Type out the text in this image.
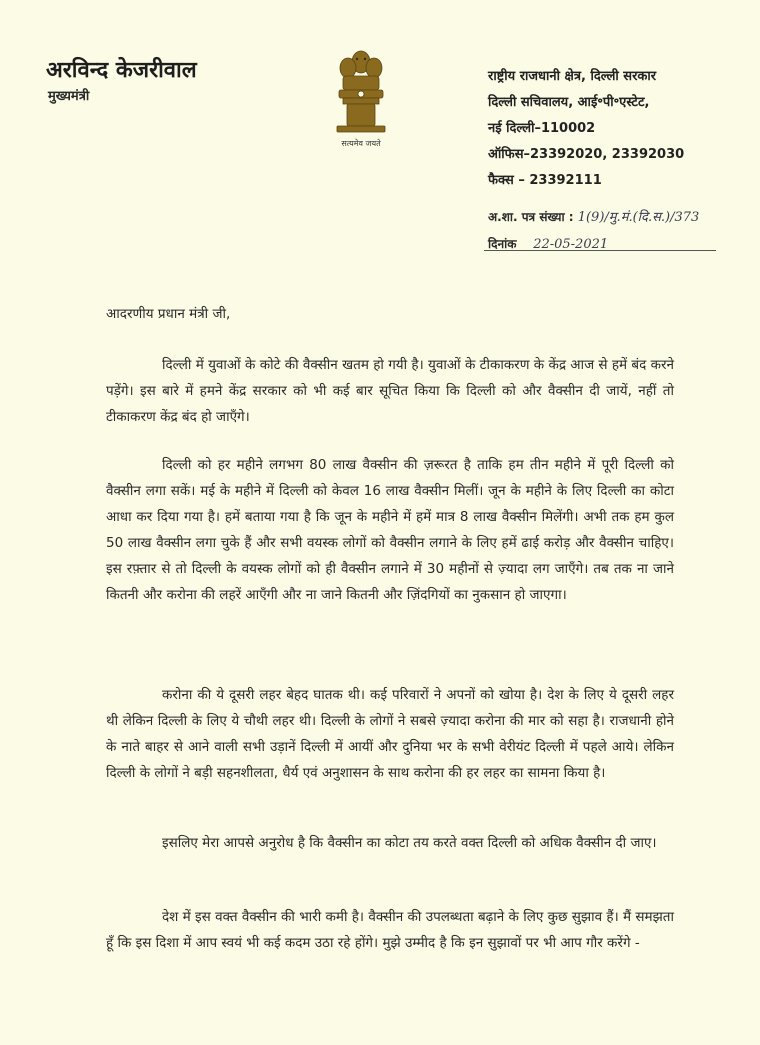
अरविन्द केजरीवाल
मुख्यमंत्री
सत्यमेव जयते
राष्ट्रीय राजधानी क्षेत्र, दिल्ली सरकार
दिल्ली सचिवालय, आई॰पी॰एस्टेट,
नई दिल्ली–110002
ऑफिस–23392020, 23392030
फैक्स – 23392111
अ.शा. पत्र संख्या : 1(9)/मु.मं.(दि.स.)/373
दिनांक 22-05-2021

आदरणीय प्रधान मंत्री जी,

दिल्ली में युवाओं के कोटे की वैक्सीन खतम हो गयी है। युवाओं के टीकाकरण के केंद्र आज से हमें बंद करने पड़ेंगे। इस बारे में हमने केंद्र सरकार को भी कई बार सूचित किया कि दिल्ली को और वैक्सीन दी जायें, नहीं तो टीकाकरण केंद्र बंद हो जाएँगे।

दिल्ली को हर महीने लगभग 80 लाख वैक्सीन की ज़रूरत है ताकि हम तीन महीने में पूरी दिल्ली को वैक्सीन लगा सकें। मई के महीने में दिल्ली को केवल 16 लाख वैक्सीन मिलीं। जून के महीने के लिए दिल्ली का कोटा आधा कर दिया गया है। हमें बताया गया है कि जून के महीने में हमें मात्र 8 लाख वैक्सीन मिलेंगी। अभी तक हम कुल 50 लाख वैक्सीन लगा चुके हैं और सभी वयस्क लोगों को वैक्सीन लगाने के लिए हमें ढाई करोड़ और वैक्सीन चाहिए। इस रफ़्तार से तो दिल्ली के वयस्क लोगों को ही वैक्सीन लगाने में 30 महीनों से ज़्यादा लग जाएँगे। तब तक ना जाने कितनी और करोना की लहरें आएँगी और ना जाने कितनी और ज़िंदगियों का नुकसान हो जाएगा।

करोना की ये दूसरी लहर बेहद घातक थी। कई परिवारों ने अपनों को खोया है। देश के लिए ये दूसरी लहर थी लेकिन दिल्ली के लिए ये चौथी लहर थी। दिल्ली के लोगों ने सबसे ज़्यादा करोना की मार को सहा है। राजधानी होने के नाते बाहर से आने वाली सभी उड़ानें दिल्ली में आयीं और दुनिया भर के सभी वेरीयंट दिल्ली में पहले आये। लेकिन दिल्ली के लोगों ने बड़ी सहनशीलता, धैर्य एवं अनुशासन के साथ करोना की हर लहर का सामना किया है।

इसलिए मेरा आपसे अनुरोध है कि वैक्सीन का कोटा तय करते वक्त दिल्ली को अधिक वैक्सीन दी जाए।

देश में इस वक्त वैक्सीन की भारी कमी है। वैक्सीन की उपलब्धता बढ़ाने के लिए कुछ सुझाव हैं। मैं समझता हूँ कि इस दिशा में आप स्वयं भी कई कदम उठा रहे होंगे। मुझे उम्मीद है कि इन सुझावों पर भी आप गौर करेंगे -
